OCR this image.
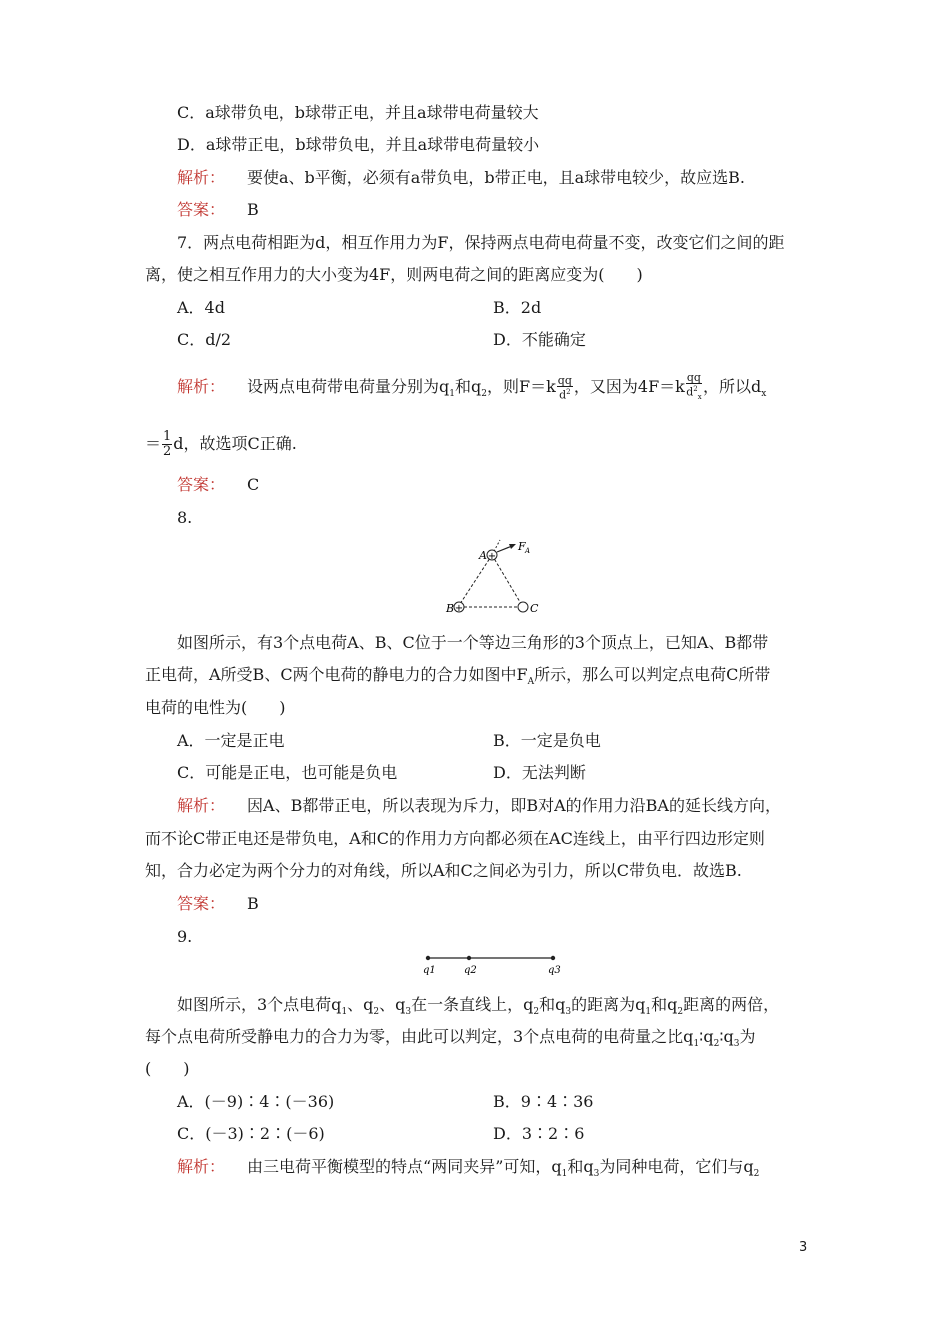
C．a球带负电，b球带正电，并且a球带电荷量较大
D．a球带正电，b球带负电，并且a球带电荷量较小
解析： 要使a、b平衡，必须有a带负电，b带正电，且a球带电较少，故应选B.
答案： B
7．两点电荷相距为d，相互作用力为F，保持两点电荷电荷量不变，改变它们之间的距
离，使之相互作用力的大小变为4F，则两电荷之间的距离应变为(　　)
A．4d	B．2d
C．d/2	D．不能确定
解析： 设两点电荷带电荷量分别为$q_1$和$q_2$，则$F=k \frac{qq}{d^2}$ ，又因为$4F=k \frac{qq}{d^2_x}$ ，所以$d_x$
＝ $\frac{1}{2}$ d，故选项C正确.
答案： C
8.
+
+
A
B	C
F A
如图所示，有3个点电荷A、B、C位于一个等边三角形的3个顶点上，已知A、B都带
正电荷，A所受B、C两个电荷的静电力的合力如图中$F_A$所示，那么可以判定点电荷C所带
电荷的电性为(　　)
A．一定是正电	B．一定是负电
C．可能是正电，也可能是负电	D．无法判断
解析： 因A、B都带正电，所以表现为斥力，即B对A的作用力沿BA的延长线方向，
而不论C带正电还是带负电，A和C的作用力方向都必须在AC连线上，由平行四边形定则
知，合力必定为两个分力的对角线，所以A和C之间必为引力，所以C带负电．故选B.
答案： B
9.
q1	q2	q3
如图所示，3个点电荷$q_1$、$q_2$、$q_3$在一条直线上，$q_2$和$q_3$的距离为$q_1$和$q_2$距离的两倍，
每个点电荷所受静电力的合力为零，由此可以判定，3个点电荷的电荷量之比$q_1∶q_2∶q_3$为
(　　)
A．(－9)∶4∶(－36)	B．9∶4∶36
C．(－3)∶2∶(－6)	D．3∶2∶6
解析： 由三电荷平衡模型的特点“两同夹异”可知，$q_1$和$q_3$为同种电荷，它们与$q_2$
3
